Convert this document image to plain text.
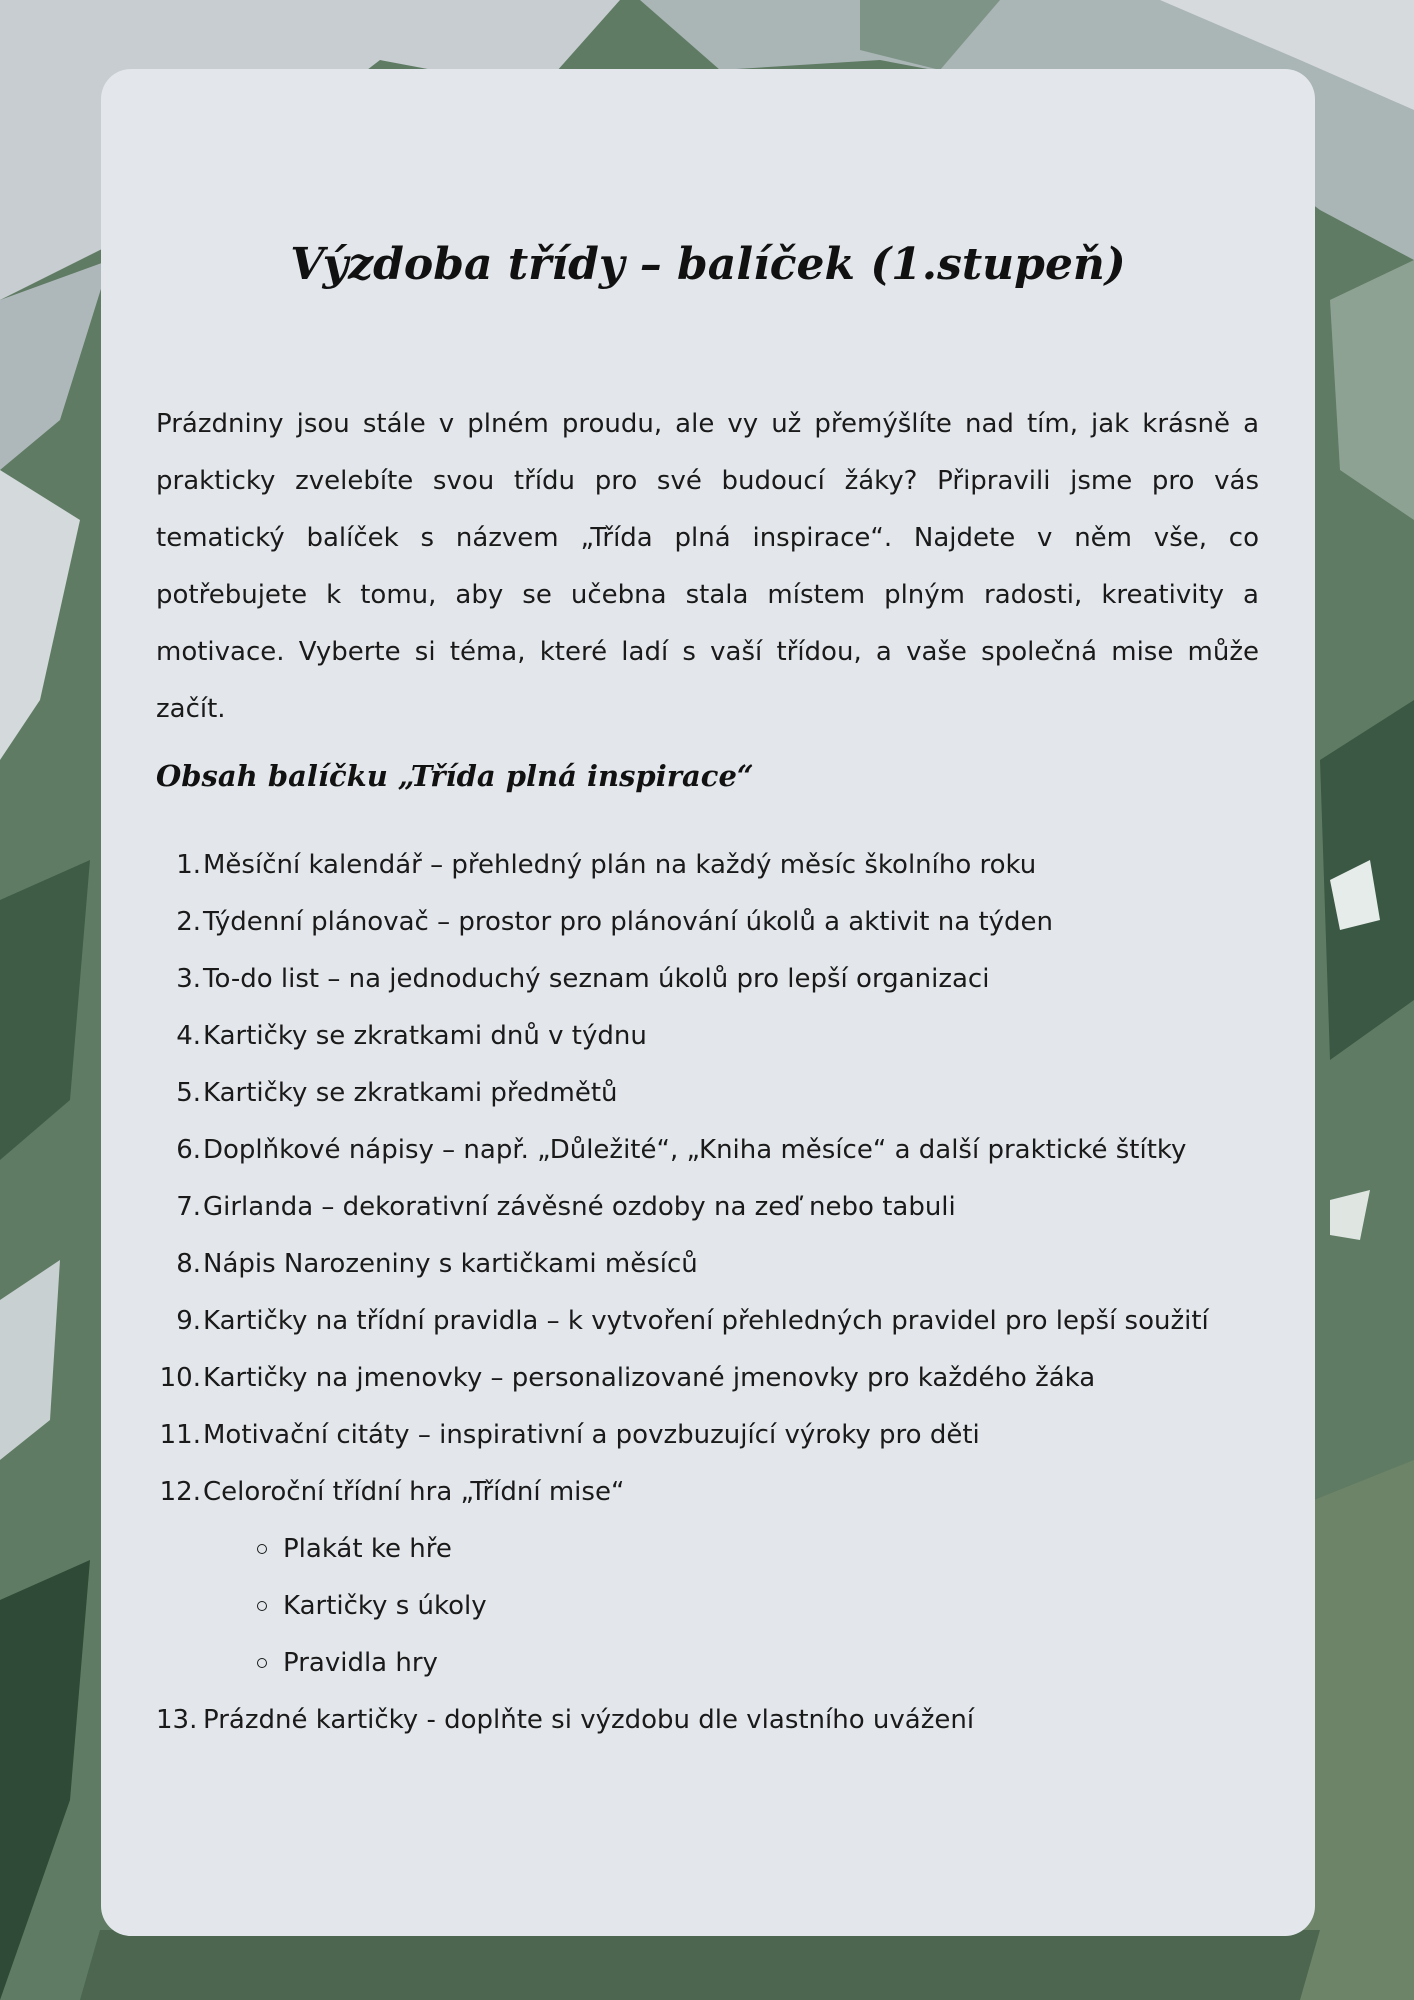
Výzdoba třídy – balíček (1.stupeň)

Prázdniny jsou stále v plném proudu, ale vy už přemýšlíte nad tím, jak krásně a prakticky zvelebíte svou třídu pro své budoucí žáky? Připravili jsme pro vás tematický balíček s názvem „Třída plná inspirace“. Najdete v něm vše, co potřebujete k tomu, aby se učebna stala místem plným radosti, kreativity a motivace. Vyberte si téma, které ladí s vaší třídou, a vaše společná mise může začít.

Obsah balíčku „Třída plná inspirace“
1. Měsíční kalendář – přehledný plán na každý měsíc školního roku
2. Týdenní plánovač – prostor pro plánování úkolů a aktivit na týden
3. To-do list – na jednoduchý seznam úkolů pro lepší organizaci
4. Kartičky se zkratkami dnů v týdnu
5. Kartičky se zkratkami předmětů
6. Doplňkové nápisy – např. „Důležité“, „Kniha měsíce“ a další praktické štítky
7. Girlanda – dekorativní závěsné ozdoby na zeď nebo tabuli
8. Nápis Narozeniny s kartičkami měsíců
9. Kartičky na třídní pravidla – k vytvoření přehledných pravidel pro lepší soužití
10. Kartičky na jmenovky – personalizované jmenovky pro každého žáka
11. Motivační citáty – inspirativní a povzbuzující výroky pro děti
12. Celoroční třídní hra „Třídní mise“
Plakát ke hře
Kartičky s úkoly
Pravidla hry
13. Prázdné kartičky - doplňte si výzdobu dle vlastního uvážení
